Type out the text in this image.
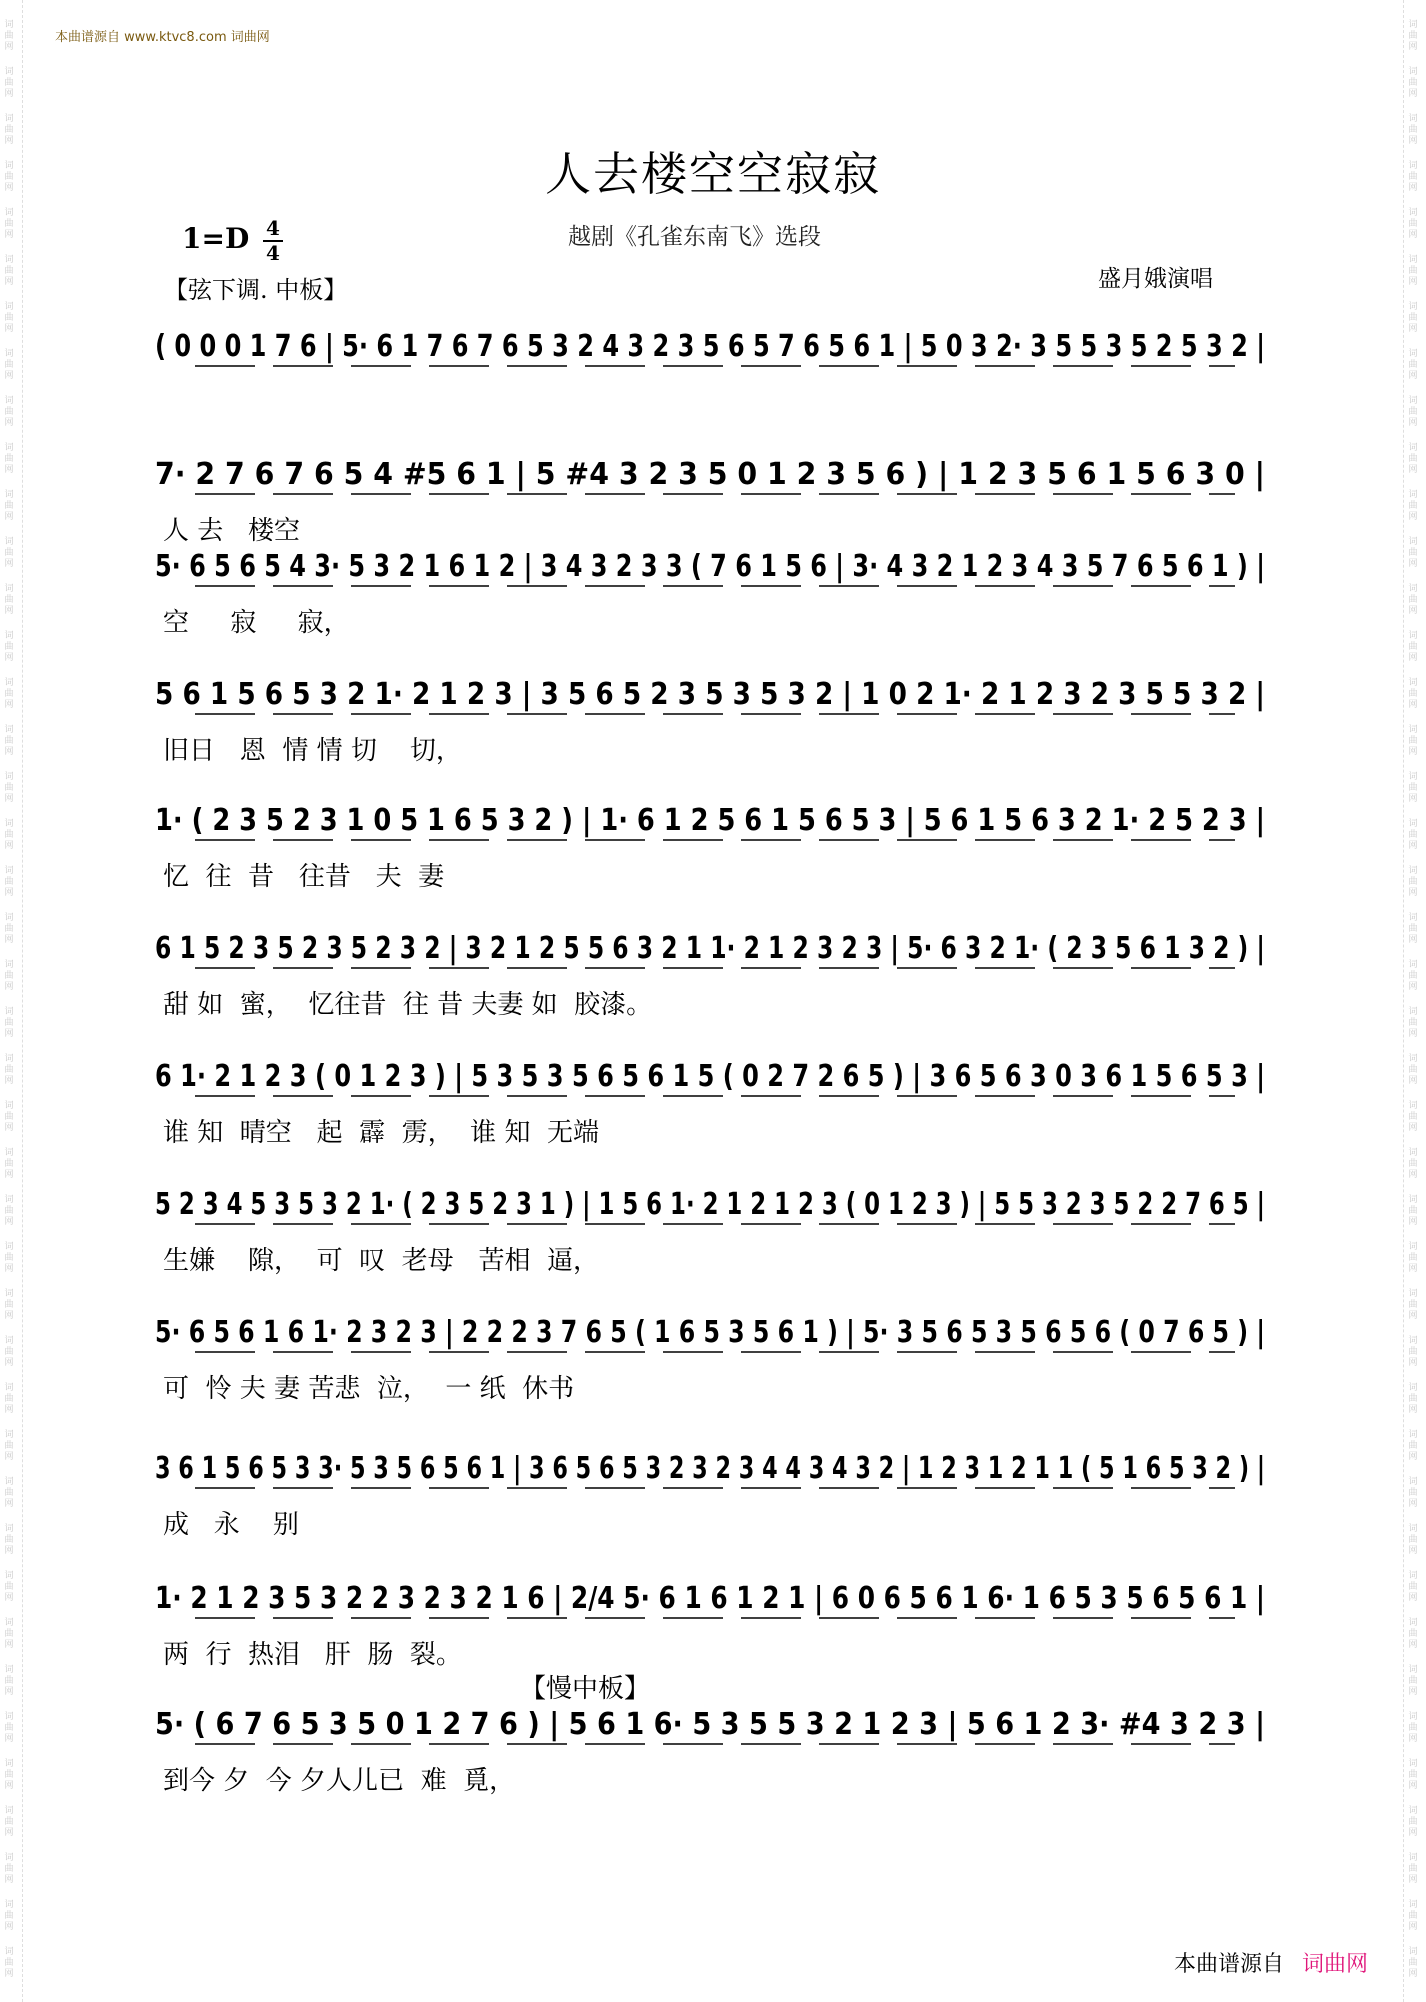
词曲网
词曲网
词曲网
词曲网
词曲网
词曲网
词曲网
词曲网
词曲网
词曲网
词曲网
词曲网
词曲网
词曲网
词曲网
词曲网
词曲网
词曲网
词曲网
词曲网
词曲网
词曲网
词曲网
词曲网
词曲网
词曲网
词曲网
词曲网
词曲网
词曲网
词曲网
词曲网
词曲网
词曲网
词曲网
词曲网
词曲网
词曲网
词曲网
词曲网
词曲网
词曲网
词曲网
词曲网
词曲网
词曲网
词曲网
词曲网
词曲网
词曲网
词曲网
词曲网
词曲网
词曲网
词曲网
词曲网
词曲网
词曲网
词曲网
词曲网
词曲网
词曲网
词曲网
词曲网
词曲网
词曲网
词曲网
词曲网
词曲网
词曲网
词曲网
词曲网
词曲网
词曲网
词曲网
词曲网
词曲网
词曲网
词曲网
词曲网
词曲网
词曲网
词曲网
词曲网
本曲谱源自 www.ktvc8.com 词曲网
人去楼空空寂寂
越剧《孔雀东南飞》选段
1=D 4
4
【弦下调. 中板】	盛月娥演唱
( 0 0 0 1 7 6 | 5· 6 1 7 6 7 6 5 3 2 4 3 2 3 5 6 5 7 6 5 6 1 | 5 0 3 2· 3 5 5 3 5 2 5 3 2 |
7· 2 7 6 7 6 5 4 #5 6 1 | 5 #4 3 2 3 5 0 1 2 3 5 6 ) | 1 2 3 5 6 1 5 6 3 0 |
人 去   楼空
5· 6 5 6 5 4 3· 5 3 2 1 6 1 2 | 3 4 3 2 3 3 ( 7 6 1 5 6 | 3· 4 3 2 1 2 3 4 3 5 7 6 5 6 1 ) |
空     寂     寂，
5 6 1 5 6 5 3 2 1· 2 1 2 3 | 3 5 6 5 2 3 5 3 5 3 2 | 1 0 2 1· 2 1 2 3 2 3 5 5 3 2 |
旧日   恩  情 情 切    切，
1· ( 2 3 5 2 3 1 0 5 1 6 5 3 2 ) | 1· 6 1 2 5 6 1 5 6 5 3 | 5 6 1 5 6 3 2 1· 2 5 2 3 |
忆  往  昔   往昔   夫  妻
6 1 5 2 3 5 2 3 5 2 3 2 | 3 2 1 2 5 5 6 3 2 1 1· 2 1 2 3 2 3 | 5· 6 3 2 1· ( 2 3 5 6 1 3 2 ) |
甜 如  蜜，  忆往昔  往 昔 夫妻 如  胶漆。
6 1· 2 1 2 3 ( 0 1 2 3 ) | 5 3 5 3 5 6 5 6 1 5 ( 0 2 7 2 6 5 ) | 3 6 5 6 3 0 3 6 1 5 6 5 3 |
谁 知  晴空   起  霹  雳，  谁 知  无端
5 2 3 4 5 3 5 3 2 1· ( 2 3 5 2 3 1 ) | 1 5 6 1· 2 1 2 1 2 3 ( 0 1 2 3 ) | 5 5 3 2 3 5 2 2 7 6 5 |
生嫌    隙，  可  叹  老母   苦相  逼，
5· 6 5 6 1 6 1· 2 3 2 3 | 2 2 2 3 7 6 5 ( 1 6 5 3 5 6 1 ) | 5· 3 5 6 5 3 5 6 5 6 ( 0 7 6 5 ) |
可  怜 夫 妻 苦悲  泣，  一 纸  休书
3 6 1 5 6 5 3 3· 5 3 5 6 5 6 1 | 3 6 5 6 5 3 2 3 2 3 4 4 3 4 3 2 | 1 2 3 1 2 1 1 ( 5 1 6 5 3 2 ) |
成   永    别
1· 2 1 2 3 5 3 2 2 3 2 3 2 1 6 | 2/4 5· 6 1 6 1 2 1 | 6 0 6 5 6 1 6· 1 6 5 3 5 6 5 6 1 |
两  行  热泪   肝  肠  裂。
5· ( 6 7 6 5 3 5 0 1 2 7 6 ) | 5 6 1 6· 5 3 5 5 3 2 1 2 3 | 5 6 1 2 3· #4 3 2 3 |
到今 夕  今 夕人儿已  难  覓，
【慢中板】
本曲谱源自 词曲网
